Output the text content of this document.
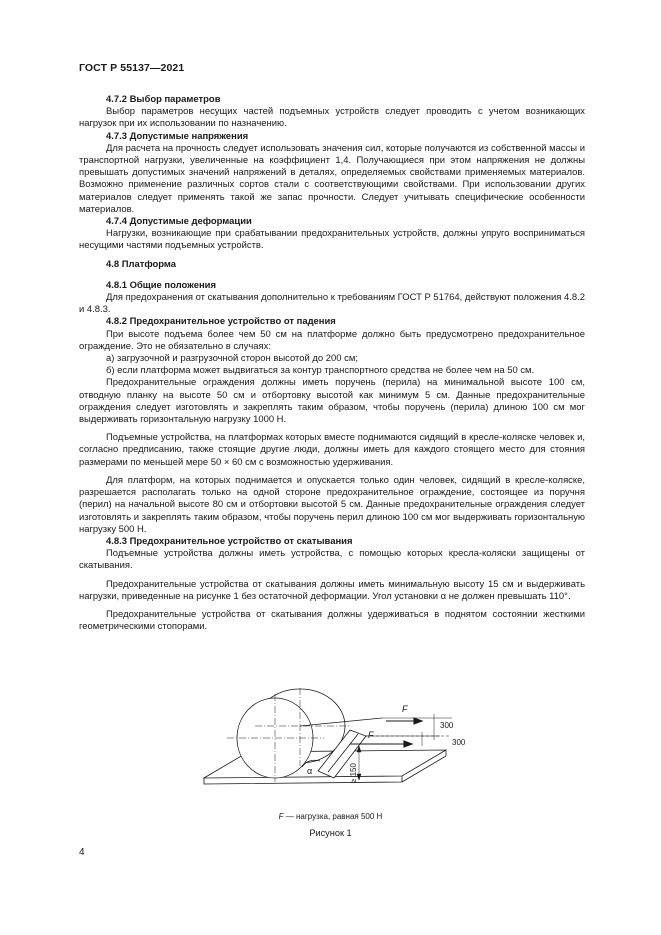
ГОСТ Р 55137—2021

4.7.2 Выбор параметров

Выбор параметров несущих частей подъемных устройств следует проводить с учетом возникающих нагрузок при их использовании по назначению.

4.7.3 Допустимые напряжения

Для расчета на прочность следует использовать значения сил, которые получаются из собственной массы и транспортной нагрузки, увеличенные на коэффициент 1,4. Получающиеся при этом напряжения не должны превышать допустимых значений напряжений в деталях, определяемых свойствами применяемых материалов. Возможно применение различных сортов стали с соответствующими свойствами. При использовании других материалов следует применять такой же запас прочности. Следует учитывать специфические особенности материалов.

4.7.4 Допустимые деформации

Нагрузки, возникающие при срабатывании предохранительных устройств, должны упруго восприниматься несущими частями подъемных устройств.

4.8 Платформа

4.8.1 Общие положения

Для предохранения от скатывания дополнительно к требованиям ГОСТ Р 51764, действуют положения 4.8.2 и 4.8.3.

4.8.2 Предохранительное устройство от падения

При высоте подъема более чем 50 см на платформе должно быть предусмотрено предохранительное ограждение. Это не обязательно в случаях:

а) загрузочной и разгрузочной сторон высотой до 200 см;

б) если платформа может выдвигаться за контур транспортного средства не более чем на 50 см.

Предохранительные ограждения должны иметь поручень (перила) на минимальной высоте 100 см, отводную планку на высоте 50 см и отбортовку высотой как минимум 5 см. Данные предохранительные ограждения следует изготовлять и закреплять таким образом, чтобы поручень (перила) длиною 100 см мог выдерживать горизонтальную нагрузку 1000 Н.

Подъемные устройства, на платформах которых вместе поднимаются сидящий в кресле-коляске человек и, согласно предписанию, также стоящие другие люди, должны иметь для каждого стоящего место для стояния размерами по меньшей мере 50 × 60 см с возможностью удерживания.

Для платформ, на которых поднимается и опускается только один человек, сидящий в кресле-коляске, разрешается располагать только на одной стороне предохранительное ограждение, состоящее из поручня (перил) на начальной высоте 80 см и отбортовки высотой 5 см. Данные предохранительные ограждения следует изготовлять и закреплять таким образом, чтобы поручень перил длиною 100 см мог выдерживать горизонтальную нагрузку 500 Н.

4.8.3 Предохранительное устройство от скатывания

Подъемные устройства должны иметь устройства, с помощью которых кресла-коляски защищены от скатывания.

Предохранительные устройства от скатывания должны иметь минимальную высоту 15 см и выдерживать нагрузки, приведенные на рисунке 1 без остаточной деформации. Угол установки α не должен превышать 110°.

Предохранительные устройства от скатывания должны удерживаться в поднятом состоянии жесткими геометрическими стопорами.

F
F
α
300
300
≥ 150
F — нагрузка, равная 500 Н
Рисунок 1
4
